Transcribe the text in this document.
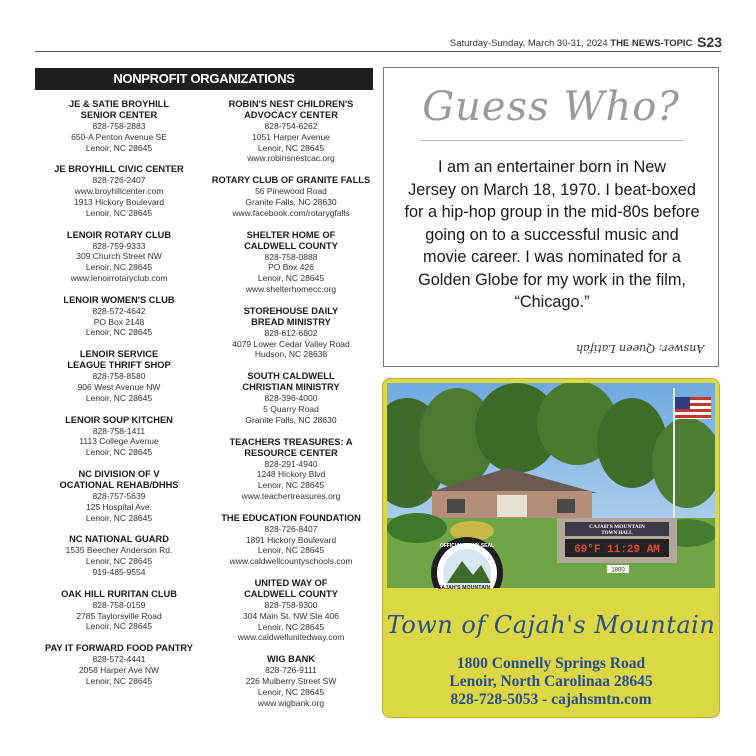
Saturday-Sunday, March 30-31, 2024 THE NEWS-TOPIC S23
NONPROFIT ORGANIZATIONS
JE & SATIE BROYHILL
SENIOR CENTER
828-758-2883
650-A Penton Avenue SE
Lenoir, NC 28645
JE BROYHILL CIVIC CENTER
828-726-2407
www.broyhillcenter.com
1913 Hickory Boulevard
Lenoir, NC 28645
LENOIR ROTARY CLUB
828-759-9333
309 Church Street NW
Lenoir, NC 28645
www.lenoirrotaryclub.com
LENOIR WOMEN'S CLUB
828-572-4642
PO Box 2148
Lenoir, NC 28645
LENOIR SERVICE
LEAGUE THRIFT SHOP
828-758-8580
906 West Avenue NW
Lenoir, NC 28645
LENOIR SOUP KITCHEN
828-758-1411
1113 College Avenue
Lenoir, NC 28645
NC DIVISION OF V
OCATIONAL REHAB/DHHS
828-757-5639
125 Hospital Ave.
Lenoir, NC 28645
NC NATIONAL GUARD
1535 Beecher Anderson Rd.
Lenoir, NC 28645
919-485-9554
OAK HILL RURITAN CLUB
828-758-0159
2785 Taylorsville Road
Lenoir, NC 28645
PAY IT FORWARD FOOD PANTRY
828-572-4441
2058 Harper Ave NW
Lenoir, NC 28645
ROBIN'S NEST CHILDREN'S
ADVOCACY CENTER
828-754-6262
1051 Harper Avenue
Lenoir, NC 28645
www.robinsnestcac.org
ROTARY CLUB OF GRANITE FALLS
56 Pinewood Road
Granite Falls, NC 28630
www.facebook.com/rotarygfalls
SHELTER HOME OF
CALDWELL COUNTY
828-758-0888
PO Box 426
Lenoir, NC 28645
www.shelterhomecc.org
STOREHOUSE DAILY
BREAD MINISTRY
828-612-6802
4079 Lower Cedar Valley Road
Hudson, NC 28638
SOUTH CALDWELL
CHRISTIAN MINISTRY
828-396-4000
5 Quarry Road
Granite Falls, NC 28630
TEACHERS TREASURES: A
RESOURCE CENTER
828-291-4940
1248 Hickory Blvd
Lenoir, NC 28645
www.teachertreasures.org
THE EDUCATION FOUNDATION
828-726-8407
1891 Hickory Boulevard
Lenoir, NC 28645
www.caldwellcountyschools.com
UNITED WAY OF
CALDWELL COUNTY
828-758-9300
304 Main St. NW Ste 406
Lenoir, NC 28645
www.caldwellunitedway.com
WIG BANK
828-726-9111
226 Mulberry Street SW
Lenoir, NC 28645
www.wigbank.org
Guess Who?
I am an entertainer born in New
Jersey on March 18, 1970. I beat-boxed
for a hip-hop group in the mid-80s before
going on to a successful music and
movie career. I was nominated for a
Golden Globe for my work in the film,
“Chicago.”
Answer: Queen Latifah
CAJAH'S MOUNTAIN
TOWN HALL
69°F 11:29 AM
1800
OFFICIAL TOWN SEAL
Town of Cajah's Mountain
1800 Connelly Springs Road
Lenoir, North Carolinaa 28645
828-728-5053 - cajahsmtn.com
CAJAH'S MOUNTAIN
